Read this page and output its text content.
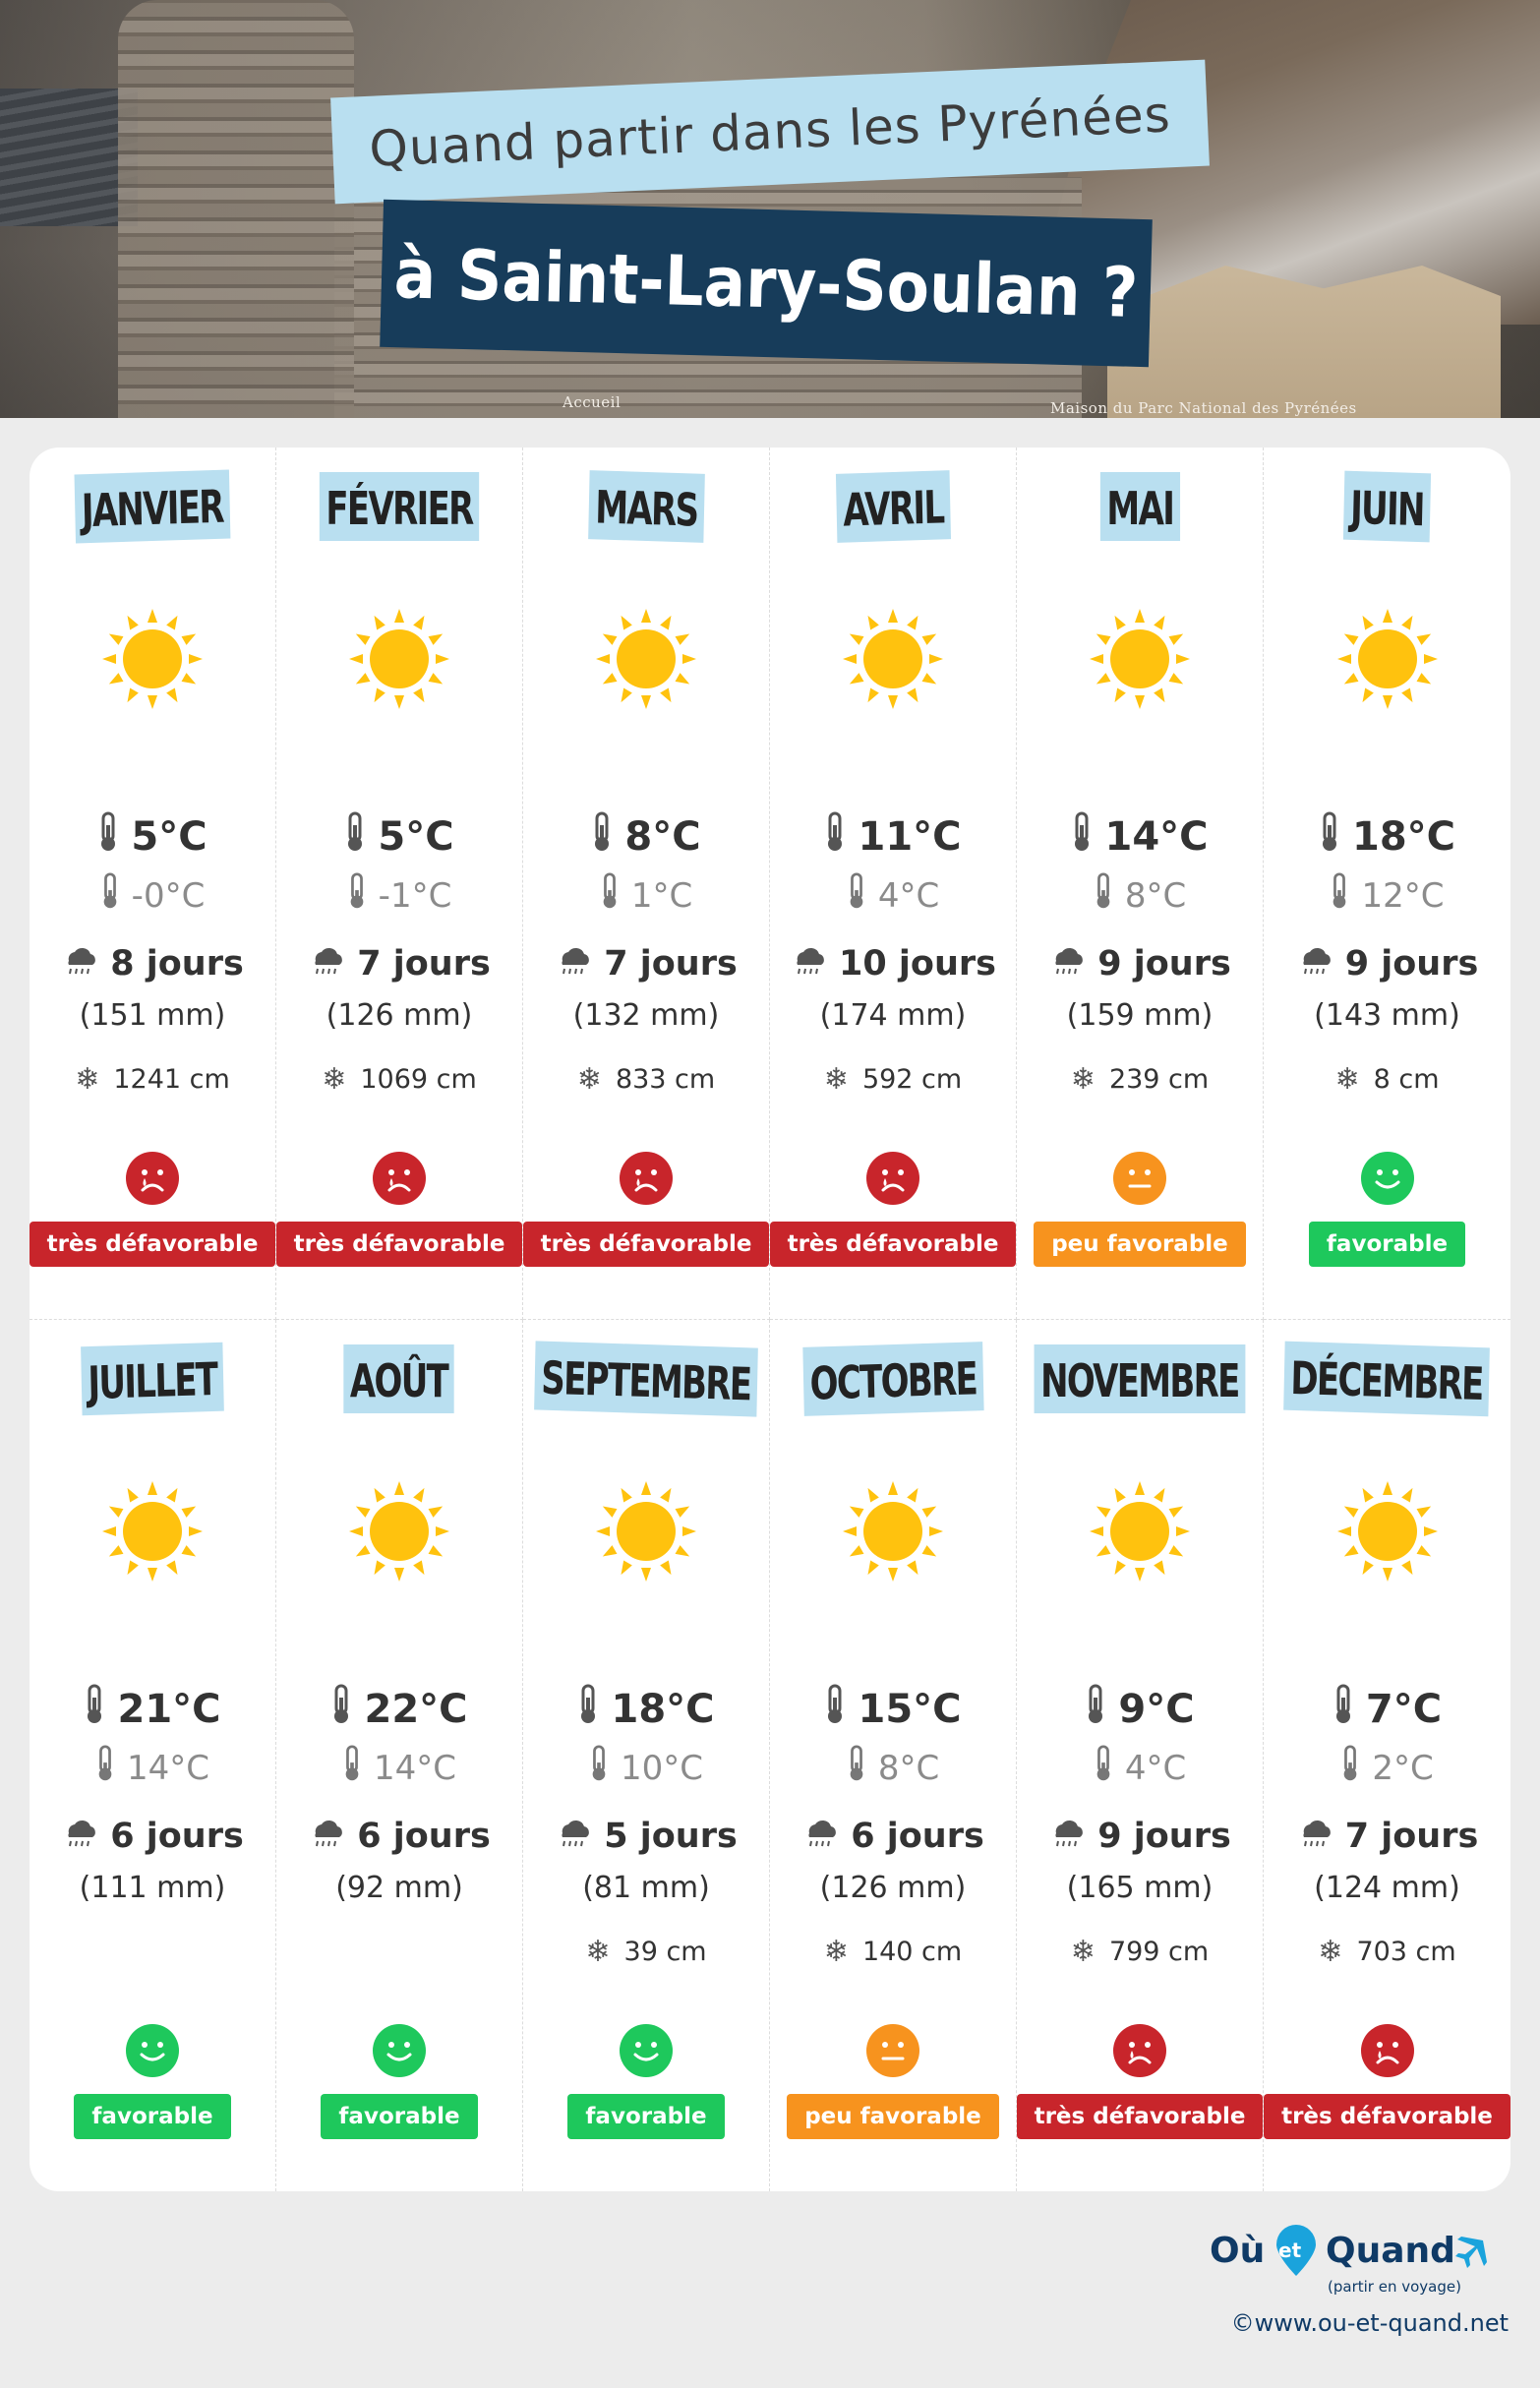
Accueil	Maison du Parc National des Pyrénées
Quand partir dans les Pyrénées
à Saint-Lary-Soulan ?
JANVIER
5°C
-0°C
8 jours
(151 mm)
❄ 1241 cm
très défavorable
FÉVRIER
5°C
-1°C
7 jours
(126 mm)
❄ 1069 cm
très défavorable
MARS
8°C
1°C
7 jours
(132 mm)
❄ 833 cm
très défavorable
AVRIL
11°C
4°C
10 jours
(174 mm)
❄ 592 cm
très défavorable
MAI
14°C
8°C
9 jours
(159 mm)
❄ 239 cm
peu favorable
JUIN
18°C
12°C
9 jours
(143 mm)
❄ 8 cm
favorable
JUILLET
21°C
14°C
6 jours
(111 mm)
favorable
AOÛT
22°C
14°C
6 jours
(92 mm)
favorable
SEPTEMBRE
18°C
10°C
5 jours
(81 mm)
❄ 39 cm
favorable
OCTOBRE
15°C
8°C
6 jours
(126 mm)
❄ 140 cm
peu favorable
NOVEMBRE
9°C
4°C
9 jours
(165 mm)
❄ 799 cm
très défavorable
DÉCEMBRE
7°C
2°C
7 jours
(124 mm)
❄ 703 cm
très défavorable
Où et Quand
(partir en voyage)
©www.ou-et-quand.net
